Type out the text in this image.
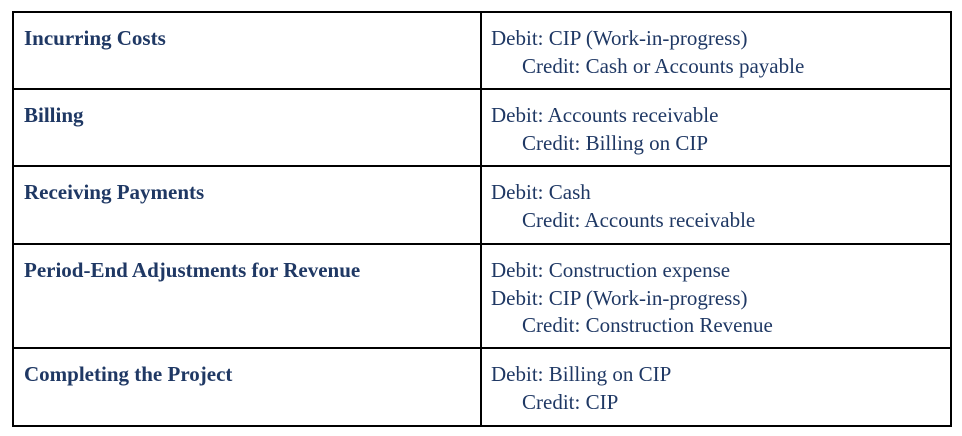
Incurring Costs	Debit: CIP (Work-in-progress)
Credit: Cash or Accounts payable

Billing	Debit: Accounts receivable
Credit: Billing on CIP

Receiving Payments	Debit: Cash
Credit: Accounts receivable

Period-End Adjustments for Revenue	Debit: Construction expense
Debit: CIP (Work-in-progress)
Credit: Construction Revenue

Completing the Project	Debit: Billing on CIP
Credit: CIP
